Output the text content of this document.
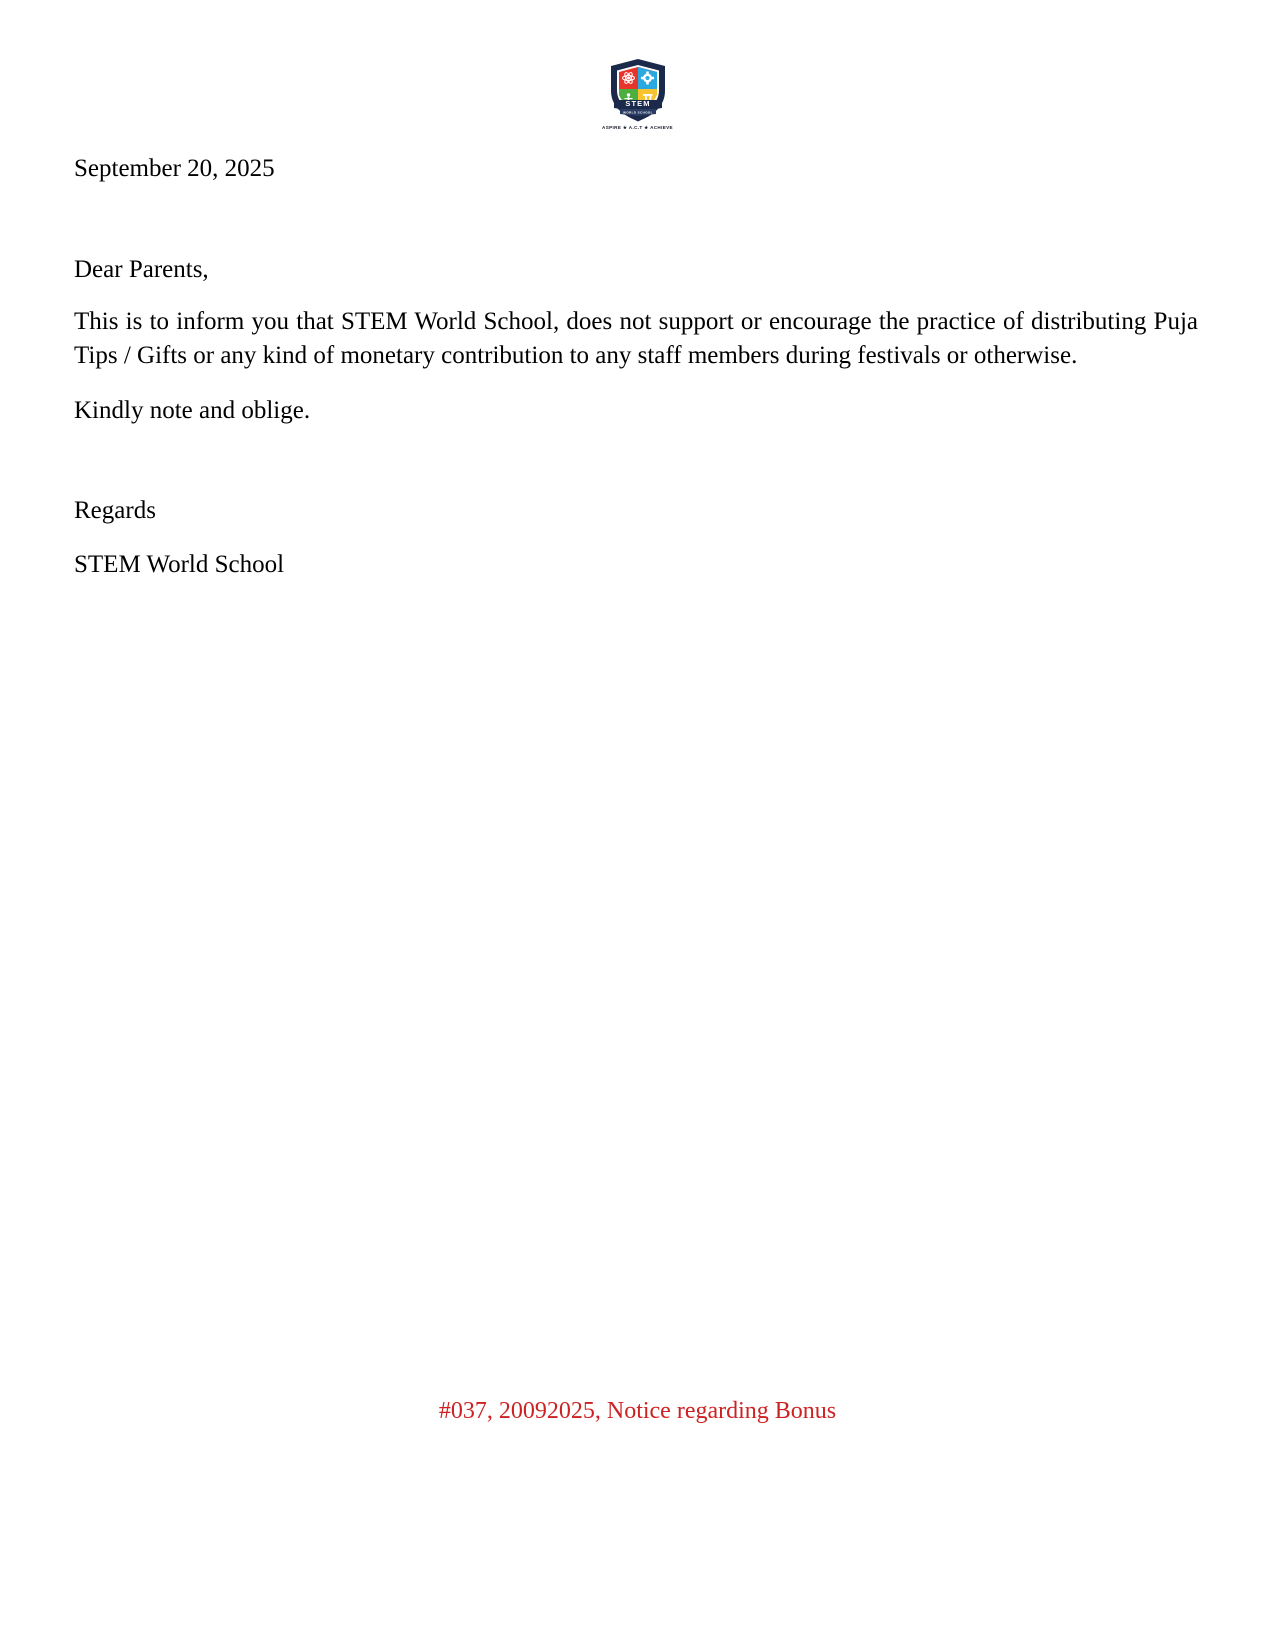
STEM
WORLD SCHOOL
ASPIRE ★ A.C.T ★ ACHIEVE

September 20, 2025

Dear Parents,

This is to inform you that STEM World School, does not support or encourage the practice of distributing Puja Tips / Gifts or any kind of monetary contribution to any staff members during festivals or otherwise.

Kindly note and oblige.

Regards

STEM World School

#037, 20092025, Notice regarding Bonus
